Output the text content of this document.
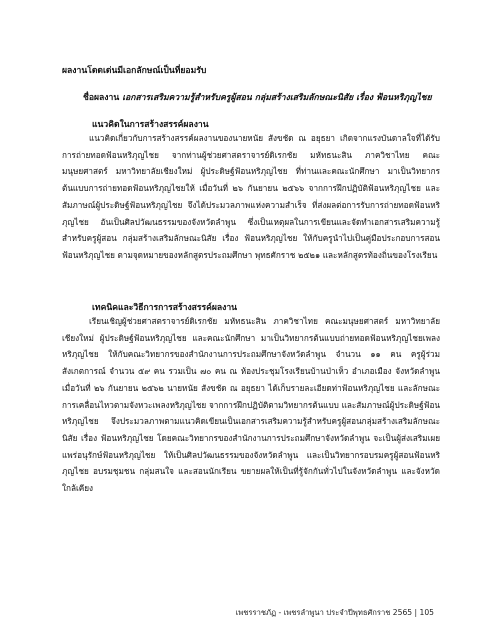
ผลงานโดดเด่นมีเอกลักษณ์เป็นที่ยอมรับ

ชื่อผลงาน เอกสารเสริมความรู้สำหรับครูผู้สอน กลุ่มสร้างเสริมลักษณะนิสัย เรื่อง ฟ้อนหริภุญไชย

แนวคิดในการสร้างสรรค์ผลงาน

แนวคิดเกี่ยวกับการสร้างสรรค์ผลงานของนายหนัย สังขชัด ณ อยุธยา เกิดจากแรงบันดาลใจที่ได้รับการถ่ายทอดฟ้อนหริภุญไชย จากท่านผู้ช่วยศาสตราจารย์ดิเรกชัย มหัทธนะสิน ภาควิชาไทย คณะมนุษยศาสตร์ มหาวิทยาลัยเชียงใหม่ ผู้ประดิษฐ์ฟ้อนหริภุญไชย ที่ท่านและคณะนักศึกษา มาเป็นวิทยากรต้นแบบการถ่ายทอดฟ้อนหริภุญไชยให้ เมื่อวันที่ ๒๖ กันยายน ๒๕๖๖ จากการฝึกปฏิบัติฟ้อนหริภุญไชย และสัมภาษณ์ผู้ประดิษฐ์ฟ้อนหริภุญไชย จึงได้ประมวลภาพแห่งความสำเร็จ ที่ส่งผลต่อการรับการถ่ายทอดฟ้อนหริภุญไชย อันเป็นศิลปวัฒนธรรมของจังหวัดลำพูน ซึ่งเป็นเหตุผลในการเขียนและจัดทำเอกสารเสริมความรู้สำหรับครูผู้สอน กลุ่มสร้างเสริมลักษณะนิสัย เรื่อง ฟ้อนหริภุญไชย ให้กับครูนำไปเป็นคู่มือประกอบการสอนฟ้อนหริภุญไชย ตามจุดหมายของหลักสูตรประถมศึกษา พุทธศักราช ๒๕๒๑ และหลักสูตรท้องถิ่นของโรงเรียน

เทคนิคและวิธีการการสร้างสรรค์ผลงาน

เรียนเชิญผู้ช่วยศาสตราจารย์ดิเรกชัย มหัทธนะสิน ภาควิชาไทย คณะมนุษยศาสตร์ มหาวิทยาลัยเชียงใหม่ ผู้ประดิษฐ์ฟ้อนหริภุญไชย และคณะนักศึกษา มาเป็นวิทยากรต้นแบบถ่ายทอดฟ้อนหริภุญไชยเพลงหริภุญไชย ให้กับคณะวิทยากรของสำนักงานการประถมศึกษาจังหวัดลำพูน จำนวน ๑๑ คน ครูผู้ร่วมสังเกตการณ์ จำนวน ๕๙ คน รวมเป็น ๗๐ คน ณ ห้องประชุมโรงเรียนบ้านป่าเห็ว อำเภอเมือง จังหวัดลำพูน เมื่อวันที่ ๒๖ กันยายน ๒๕๖๒ นายหนัย สังขชัด ณ อยุธยา ได้เก็บรายละเอียดท่าฟ้อนหริภุญไชย และลักษณะการเคลื่อนไหวตามจังหวะเพลงหริภุญไชย จากการฝึกปฏิบัติตามวิทยากรต้นแบบ และสัมภาษณ์ผู้ประดิษฐ์ฟ้อนหริภุญไชย จึงประมวลภาพตามแนวคิดเขียนเป็นเอกสารเสริมความรู้สำหรับครูผู้สอนกลุ่มสร้างเสริมลักษณะนิสัย เรื่อง ฟ้อนหริภุญไชย โดยคณะวิทยากรของสำนักงานการประถมศึกษาจังหวัดลำพูน จะเป็นผู้ส่งเสริมเผยแพร่อนุรักษ์ฟ้อนหริภุญไชย ให้เป็นศิลปวัฒนธรรมของจังหวัดลำพูน และเป็นวิทยากรอบรมครูผู้สอนฟ้อนหริภุญไชย อบรมชุมชน กลุ่มสนใจ และสอนนักเรียน ขยายผลให้เป็นที่รู้จักกันทั่วไปในจังหวัดลำพูน และจังหวัดใกล้เคียง

เพชรราชภัฏ - เพชรลำพูนา ประจำปีพุทธศักราช 2565 | 105
